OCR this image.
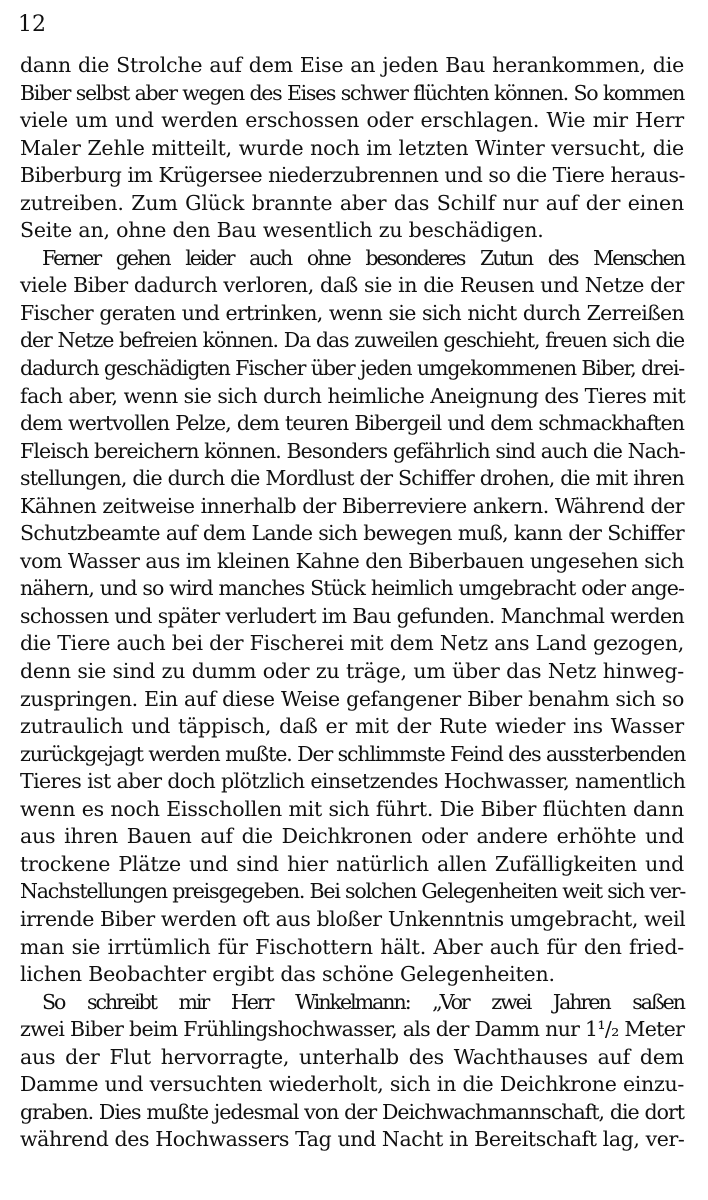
12
dann die Strolche auf dem Eise an jeden Bau herankommen, die
Biber selbst aber wegen des Eises schwer flüchten können. So kommen
viele um und werden erschossen oder erschlagen. Wie mir Herr
Maler Zehle mitteilt, wurde noch im letzten Winter versucht, die
Biberburg im Krügersee niederzubrennen und so die Tiere heraus-
zutreiben. Zum Glück brannte aber das Schilf nur auf der einen
Seite an, ohne den Bau wesentlich zu beschädigen.
Ferner gehen leider auch ohne besonderes Zutun des Menschen
viele Biber dadurch verloren, daß sie in die Reusen und Netze der
Fischer geraten und ertrinken, wenn sie sich nicht durch Zerreißen
der Netze befreien können. Da das zuweilen geschieht, freuen sich die
dadurch geschädigten Fischer über jeden umgekommenen Biber, drei-
fach aber, wenn sie sich durch heimliche Aneignung des Tieres mit
dem wertvollen Pelze, dem teuren Bibergeil und dem schmackhaften
Fleisch bereichern können. Besonders gefährlich sind auch die Nach-
stellungen, die durch die Mordlust der Schiffer drohen, die mit ihren
Kähnen zeitweise innerhalb der Biberreviere ankern. Während der
Schutzbeamte auf dem Lande sich bewegen muß, kann der Schiffer
vom Wasser aus im kleinen Kahne den Biberbauen ungesehen sich
nähern, und so wird manches Stück heimlich umgebracht oder ange-
schossen und später verludert im Bau gefunden. Manchmal werden
die Tiere auch bei der Fischerei mit dem Netz ans Land gezogen,
denn sie sind zu dumm oder zu träge, um über das Netz hinweg-
zuspringen. Ein auf diese Weise gefangener Biber benahm sich so
zutraulich und täppisch, daß er mit der Rute wieder ins Wasser
zurückgejagt werden mußte. Der schlimmste Feind des aussterbenden
Tieres ist aber doch plötzlich einsetzendes Hochwasser, namentlich
wenn es noch Eisschollen mit sich führt. Die Biber flüchten dann
aus ihren Bauen auf die Deichkronen oder andere erhöhte und
trockene Plätze und sind hier natürlich allen Zufälligkeiten und
Nachstellungen preisgegeben. Bei solchen Gelegenheiten weit sich ver-
irrende Biber werden oft aus bloßer Unkenntnis umgebracht, weil
man sie irrtümlich für Fischottern hält. Aber auch für den fried-
lichen Beobachter ergibt das schöne Gelegenheiten.
So schreibt mir Herr Winkelmann: „Vor zwei Jahren saßen
zwei Biber beim Frühlingshochwasser, als der Damm nur 1¹/₂ Meter
aus der Flut hervorragte, unterhalb des Wachthauses auf dem
Damme und versuchten wiederholt, sich in die Deichkrone einzu-
graben. Dies mußte jedesmal von der Deichwachmannschaft, die dort
während des Hochwassers Tag und Nacht in Bereitschaft lag, ver-
